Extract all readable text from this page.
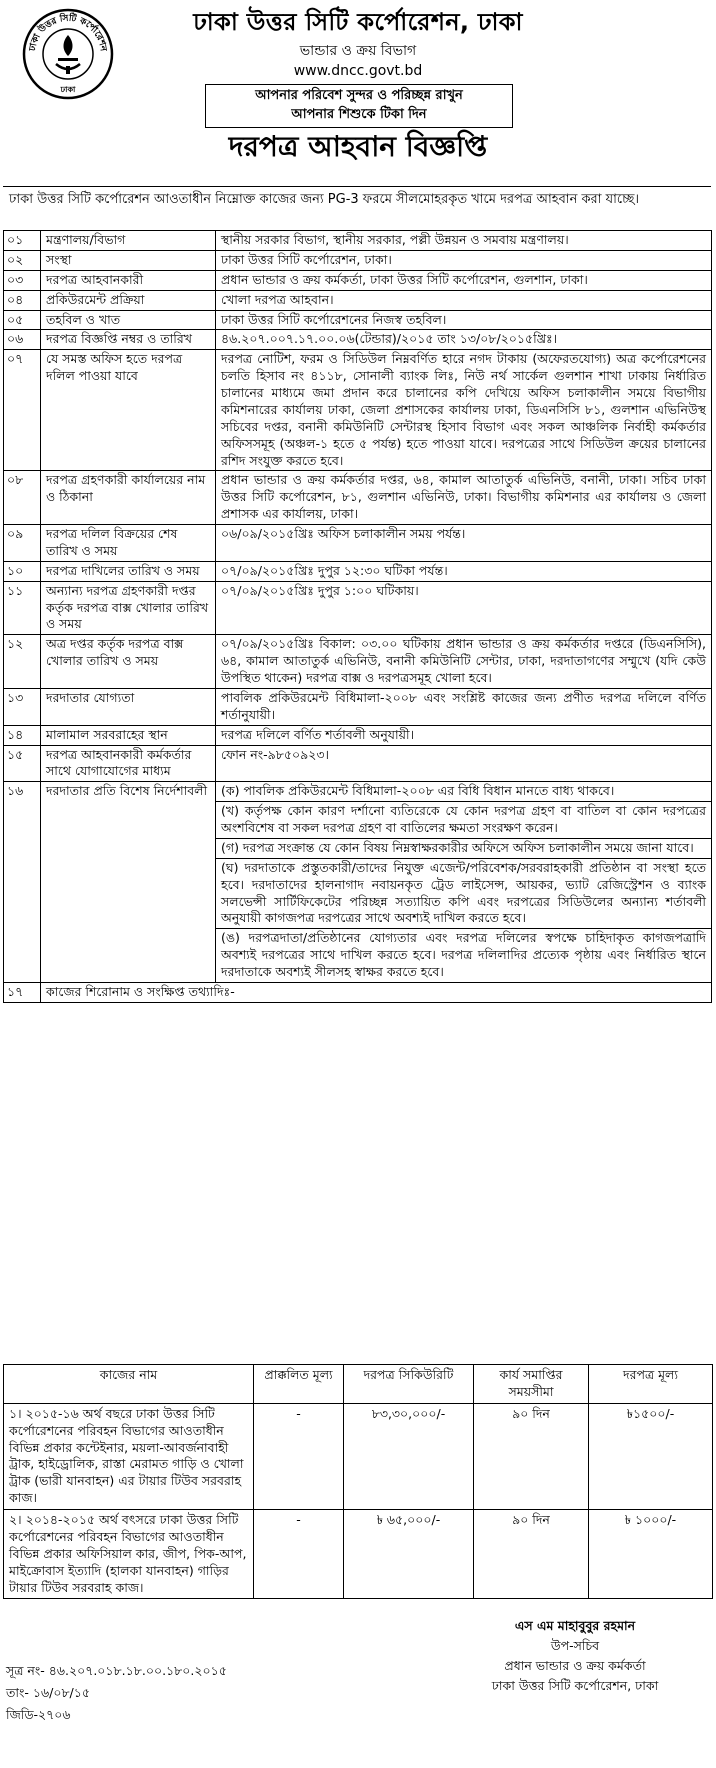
ঢাকা উত্তর সিটি কর্পোরেশন
ঢাকা
ঢাকা উত্তর সিটি কর্পোরেশন, ঢাকা
ভান্ডার ও ক্রয় বিভাগ
www.dncc.govt.bd
আপনার পরিবেশ সুন্দর ও পরিচ্ছন্ন রাখুন
আপনার শিশুকে টিকা দিন
দরপত্র আহবান বিজ্ঞপ্তি
ঢাকা উত্তর সিটি কর্পোরেশন আওতাধীন নিম্নোক্ত কাজের জন্য PG-3 ফরমে সীলমোহরকৃত খামে দরপত্র আহবান করা যাচ্ছে।
০১	মন্ত্রণালয়/বিভাগ	স্থানীয় সরকার বিভাগ, স্থানীয় সরকার, পল্লী উন্নয়ন ও সমবায় মন্ত্রণালয়।
০২	সংস্থা	ঢাকা উত্তর সিটি কর্পোরেশন, ঢাকা।
০৩	দরপত্র আহবানকারী	প্রধান ভান্ডার ও ক্রয় কর্মকর্তা, ঢাকা উত্তর সিটি কর্পোরেশন, গুলশান, ঢাকা।
০৪	প্রকিউরমেন্ট প্রক্রিয়া	খোলা দরপত্র আহবান।
০৫	তহবিল ও খাত	ঢাকা উত্তর সিটি কর্পোরেশনের নিজস্ব তহবিল।
০৬	দরপত্র বিজ্ঞপ্তি নম্বর ও তারিখ	৪৬.২০৭.০০৭.১৭.০০.০৬(টেন্ডার)/২০১৫ তাং ১৩/০৮/২০১৫খ্রিঃ।
০৭	যে সমস্ত অফিস হতে দরপত্র দলিল পাওয়া যাবে	দরপত্র নোটিশ, ফরম ও সিডিউল নিম্নবর্ণিত হারে নগদ টাকায় (অফেরতযোগ্য) অত্র কর্পোরেশনের চলতি হিসাব নং ৪১১৮, সোনালী ব্যাংক লিঃ, নিউ নর্থ সার্কেল গুলশান শাখা ঢাকায় নির্ধারিত চালানের মাধ্যমে জমা প্রদান করে চালানের কপি দেখিয়ে অফিস চলাকালীন সময়ে বিভাগীয় কমিশনারের কার্যালয় ঢাকা, জেলা প্রশাসকের কার্যালয় ঢাকা, ডিএনসিসি ৮১, গুলশান এভিনিউস্থ সচিবের দপ্তর, বনানী কমিউনিটি সেন্টারস্থ হিসাব বিভাগ এবং সকল আঞ্চলিক নির্বাহী কর্মকর্তার অফিসসমূহ (অঞ্চল-১ হতে ৫ পর্যন্ত) হতে পাওয়া যাবে। দরপত্রের সাথে সিডিউল ক্রয়ের চালানের রশিদ সংযুক্ত করতে হবে।
০৮	দরপত্র গ্রহণকারী কার্যালয়ের নাম ও ঠিকানা	প্রধান ভান্ডার ও ক্রয় কর্মকর্তার দপ্তর, ৬৪, কামাল আতাতুর্ক এভিনিউ, বনানী, ঢাকা। সচিব ঢাকা উত্তর সিটি কর্পোরেশন, ৮১, গুলশান এভিনিউ, ঢাকা। বিভাগীয় কমিশনার এর কার্যালয় ও জেলা প্রশাসক এর কার্যালয়, ঢাকা।
০৯	দরপত্র দলিল বিক্রয়ের শেষ তারিখ ও সময়	০৬/০৯/২০১৫খ্রিঃ অফিস চলাকালীন সময় পর্যন্ত।
১০	দরপত্র দাখিলের তারিখ ও সময়	০৭/০৯/২০১৫খ্রিঃ দুপুর ১২:৩০ ঘটিকা পর্যন্ত।
১১	অন্যান্য দরপত্র গ্রহণকারী দপ্তর কর্তৃক দরপত্র বাক্স খোলার তারিখ ও সময়	০৭/০৯/২০১৫খ্রিঃ দুপুর ১:০০ ঘটিকায়।
১২	অত্র দপ্তর কর্তৃক দরপত্র বাক্স খোলার তারিখ ও সময়	০৭/০৯/২০১৫খ্রিঃ বিকাল: ০৩.০০ ঘটিকায় প্রধান ভান্ডার ও ক্রয় কর্মকর্তার দপ্তরে (ডিএনসিসি), ৬৪, কামাল আতাতুর্ক এভিনিউ, বনানী কমিউনিটি সেন্টার, ঢাকা, দরদাতাগণের সম্মুখে (যদি কেউ উপস্থিত থাকেন) দরপত্র বাক্স ও দরপত্রসমূহ খোলা হবে।
১৩	দরদাতার যোগ্যতা	পাবলিক প্রকিউরমেন্ট বিধিমালা-২০০৮ এবং সংশ্লিষ্ট কাজের জন্য প্রণীত দরপত্র দলিলে বর্ণিত শর্তানুযায়ী।
১৪	মালামাল সরবরাহের স্থান	দরপত্র দলিলে বর্ণিত শর্তাবলী অনুযায়ী।
১৫	দরপত্র আহবানকারী কর্মকর্তার সাথে যোগাযোগের মাধ্যম	ফোন নং-৯৮৫০৯২৩।
১৬	দরদাতার প্রতি বিশেষ নির্দেশাবলী	(ক) পাবলিক প্রকিউরমেন্ট বিধিমালা-২০০৮ এর বিধি বিধান মানতে বাধ্য থাকবে।
(খ) কর্তৃপক্ষ কোন কারণ দর্শানো ব্যতিরেকে যে কোন দরপত্র গ্রহণ বা বাতিল বা কোন দরপত্রের অংশবিশেষ বা সকল দরপত্র গ্রহণ বা বাতিলের ক্ষমতা সংরক্ষণ করেন।
(গ) দরপত্র সংক্রান্ত যে কোন বিষয় নিম্নস্বাক্ষরকারীর অফিসে অফিস চলাকালীন সময়ে জানা যাবে।
(ঘ) দরদাতাকে প্রস্তুতকারী/তাদের নিযুক্ত এজেন্ট/পরিবেশক/সরবরাহকারী প্রতিষ্ঠান বা সংস্থা হতে হবে। দরদাতাদের হালনাগাদ নবায়নকৃত ট্রেড লাইসেন্স, আয়কর, ভ্যাট রেজিস্ট্রেশন ও ব্যাংক সলভেন্সী সার্টিফিকেটের পরিচ্ছন্ন সত্যায়িত কপি এবং দরপত্রের সিডিউলের অন্যান্য শর্তাবলী অনুযায়ী কাগজপত্র দরপত্রের সাথে অবশ্যই দাখিল করতে হবে।
(ঙ) দরপত্রদাতা/প্রতিষ্ঠানের যোগ্যতার এবং দরপত্র দলিলের স্বপক্ষে চাহিদাকৃত কাগজপত্রাদি অবশ্যই দরপত্রের সাথে দাখিল করতে হবে। দরপত্র দলিলাদির প্রত্যেক পৃষ্ঠায় এবং নির্ধারিত স্থানে দরদাতাকে অবশ্যই সীলসহ স্বাক্ষর করতে হবে।

১৭	কাজের শিরোনাম ও সংক্ষিপ্ত তথ্যাদিঃ-	
কাজের নাম	প্রাক্কলিত মূল্য	দরপত্র সিকিউরিটি	কার্য সমাপ্তির সময়সীমা	দরপত্র মূল্য
১। ২০১৫-১৬ অর্থ বছরে ঢাকা উত্তর সিটি কর্পোরেশনের পরিবহন বিভাগের আওতাধীন বিভিন্ন প্রকার কন্টেইনার, ময়লা-আবর্জনাবাহী ট্রাক, হাইড্রোলিক, রাস্তা মেরামত গাড়ি ও খোলা ট্রাক (ভারী যানবাহন) এর টায়ার টিউব সরবরাহ কাজ।	-	৮৩,৩০,০০০/-	৯০ দিন	৳১৫০০/-
২। ২০১৪-২০১৫ অর্থ বৎসরে ঢাকা উত্তর সিটি কর্পোরেশনের পরিবহন বিভাগের আওতাধীন বিভিন্ন প্রকার অফিসিয়াল কার, জীপ, পিক-আপ, মাইক্রোবাস ইত্যাদি (হালকা যানবাহন) গাড়ির টায়ার টিউব সরবরাহ কাজ।	-	৳ ৬৫,০০০/-	৯০ দিন	৳ ১০০০/-
এস এম মাহাবুবুর রহমান
উপ-সচিব
প্রধান ভান্ডার ও ক্রয় কর্মকর্তা
ঢাকা উত্তর সিটি কর্পোরেশন, ঢাকা
সূত্র নং- ৪৬.২০৭.০১৮.১৮.০০.১৮০.২০১৫
তাং- ১৬/০৮/১৫
জিডি-২৭০৬
